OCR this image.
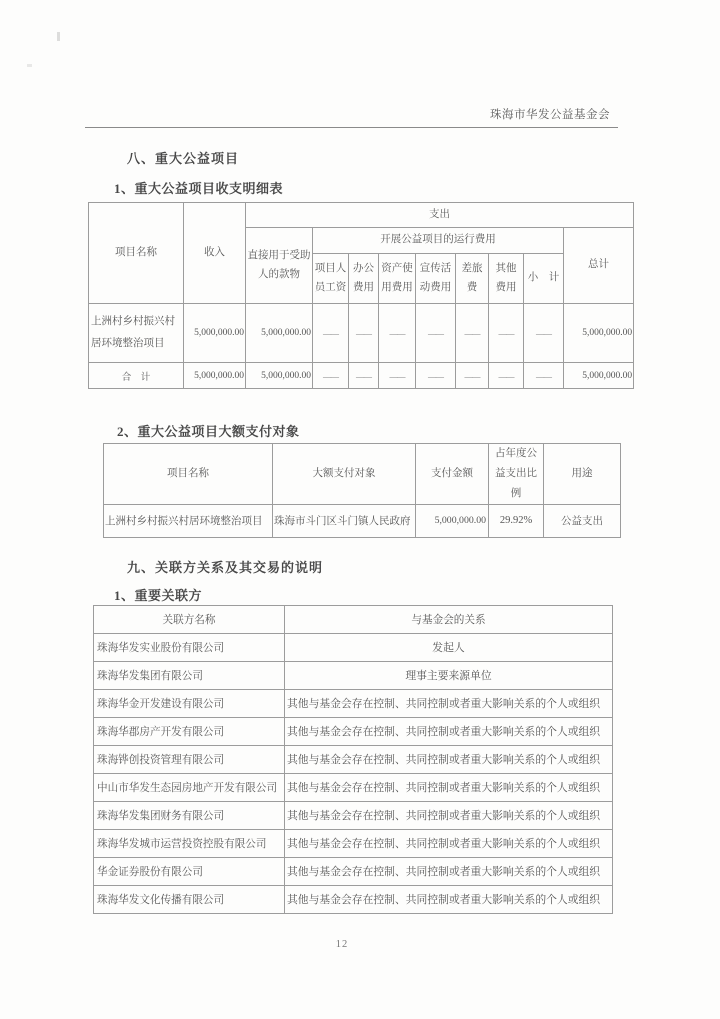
珠海市华发公益基金会
八、重大公益项目
1、重大公益项目收支明细表
项目名称	收入	支出								
		直接用于受助人的款物	开展公益项目的运行费用							总计
			项目人员工资	办公费用	资产使用费用	宣传活动费用	差旅费	其他费用	小　计	
上洲村乡村振兴村居环境整治项目	5,000,000.00	5,000,000.00	——	——	——	——	——	——	——	5,000,000.00
合　计	5,000,000.00	5,000,000.00	——	——	——	——	——	——	——	5,000,000.00
2、重大公益项目大额支付对象
项目名称	大额支付对象	支付金额	占年度公益支出比例	用途
上洲村乡村振兴村居环境整治项目	珠海市斗门区斗门镇人民政府	5,000,000.00	29.92%	公益支出
九、关联方关系及其交易的说明
1、重要关联方
关联方名称	与基金会的关系
珠海华发实业股份有限公司	发起人
珠海华发集团有限公司	理事主要来源单位
珠海华金开发建设有限公司	其他与基金会存在控制、共同控制或者重大影响关系的个人或组织
珠海华郡房产开发有限公司	其他与基金会存在控制、共同控制或者重大影响关系的个人或组织
珠海铧创投资管理有限公司	其他与基金会存在控制、共同控制或者重大影响关系的个人或组织
中山市华发生态园房地产开发有限公司	其他与基金会存在控制、共同控制或者重大影响关系的个人或组织
珠海华发集团财务有限公司	其他与基金会存在控制、共同控制或者重大影响关系的个人或组织
珠海华发城市运营投资控股有限公司	其他与基金会存在控制、共同控制或者重大影响关系的个人或组织
华金证券股份有限公司	其他与基金会存在控制、共同控制或者重大影响关系的个人或组织
珠海华发文化传播有限公司	其他与基金会存在控制、共同控制或者重大影响关系的个人或组织
12
